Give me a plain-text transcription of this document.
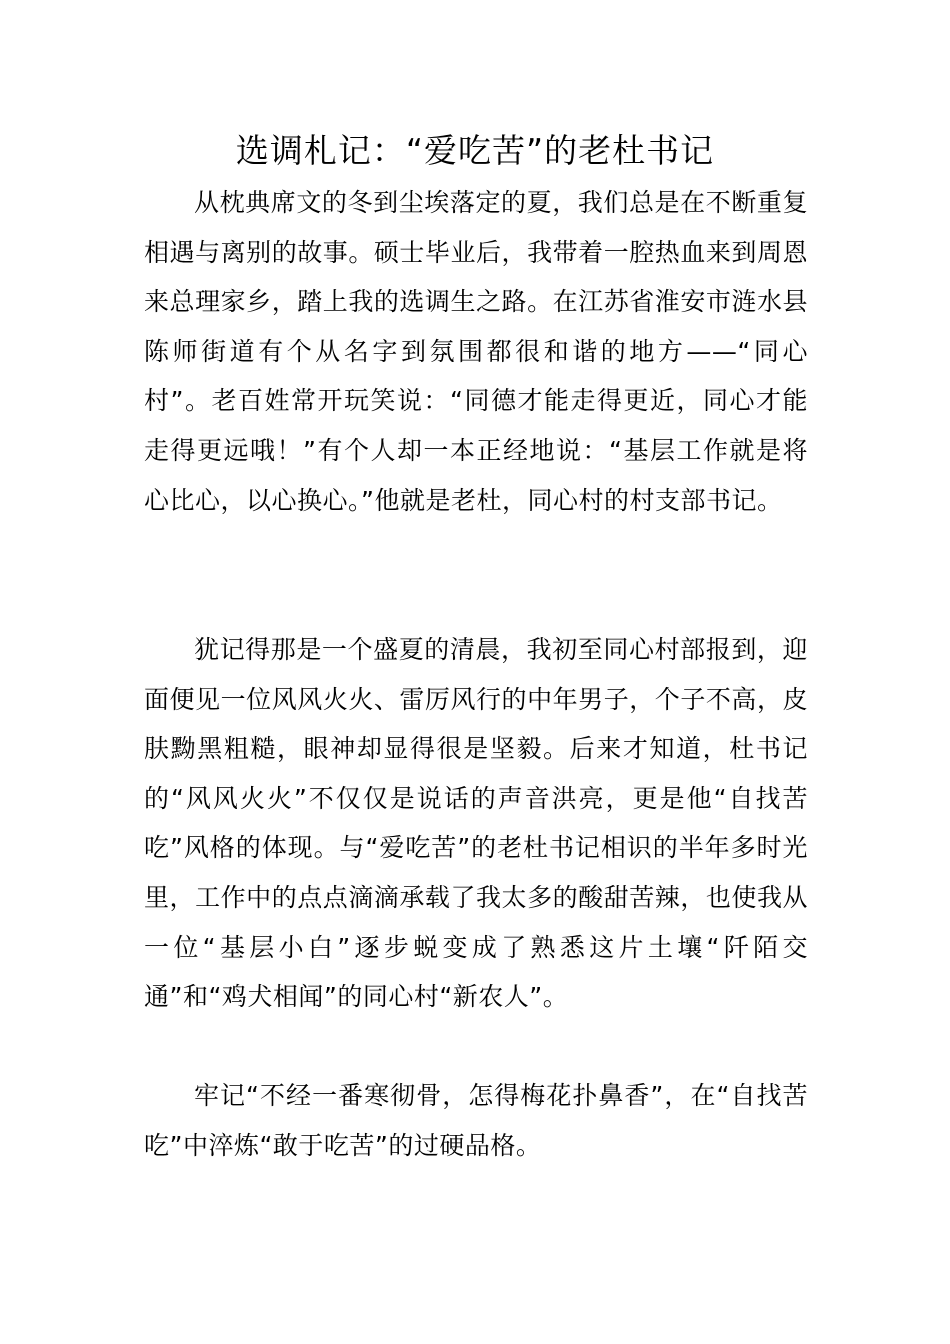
选调札记：“爱吃苦”的老杜书记

从枕典席文的冬到尘埃落定的夏，我们总是在不断重复相遇与离别的故事。硕士毕业后，我带着一腔热血来到周恩来总理家乡，踏上我的选调生之路。在江苏省淮安市涟水县陈师街道有个从名字到氛围都很和谐的地方——“同心村”。老百姓常开玩笑说：“同德才能走得更近，同心才能走得更远哦！”有个人却一本正经地说：“基层工作就是将心比心，以心换心。”他就是老杜，同心村的村支部书记。

犹记得那是一个盛夏的清晨，我初至同心村部报到，迎面便见一位风风火火、雷厉风行的中年男子，个子不高，皮肤黝黑粗糙，眼神却显得很是坚毅。后来才知道，杜书记的“风风火火”不仅仅是说话的声音洪亮，更是他“自找苦吃”风格的体现。与“爱吃苦”的老杜书记相识的半年多时光里，工作中的点点滴滴承载了我太多的酸甜苦辣，也使我从一位“基层小白”逐步蜕变成了熟悉这片土壤“阡陌交通”和“鸡犬相闻”的同心村“新农人”。

牢记“不经一番寒彻骨，怎得梅花扑鼻香”，在“自找苦吃”中淬炼“敢于吃苦”的过硬品格。
